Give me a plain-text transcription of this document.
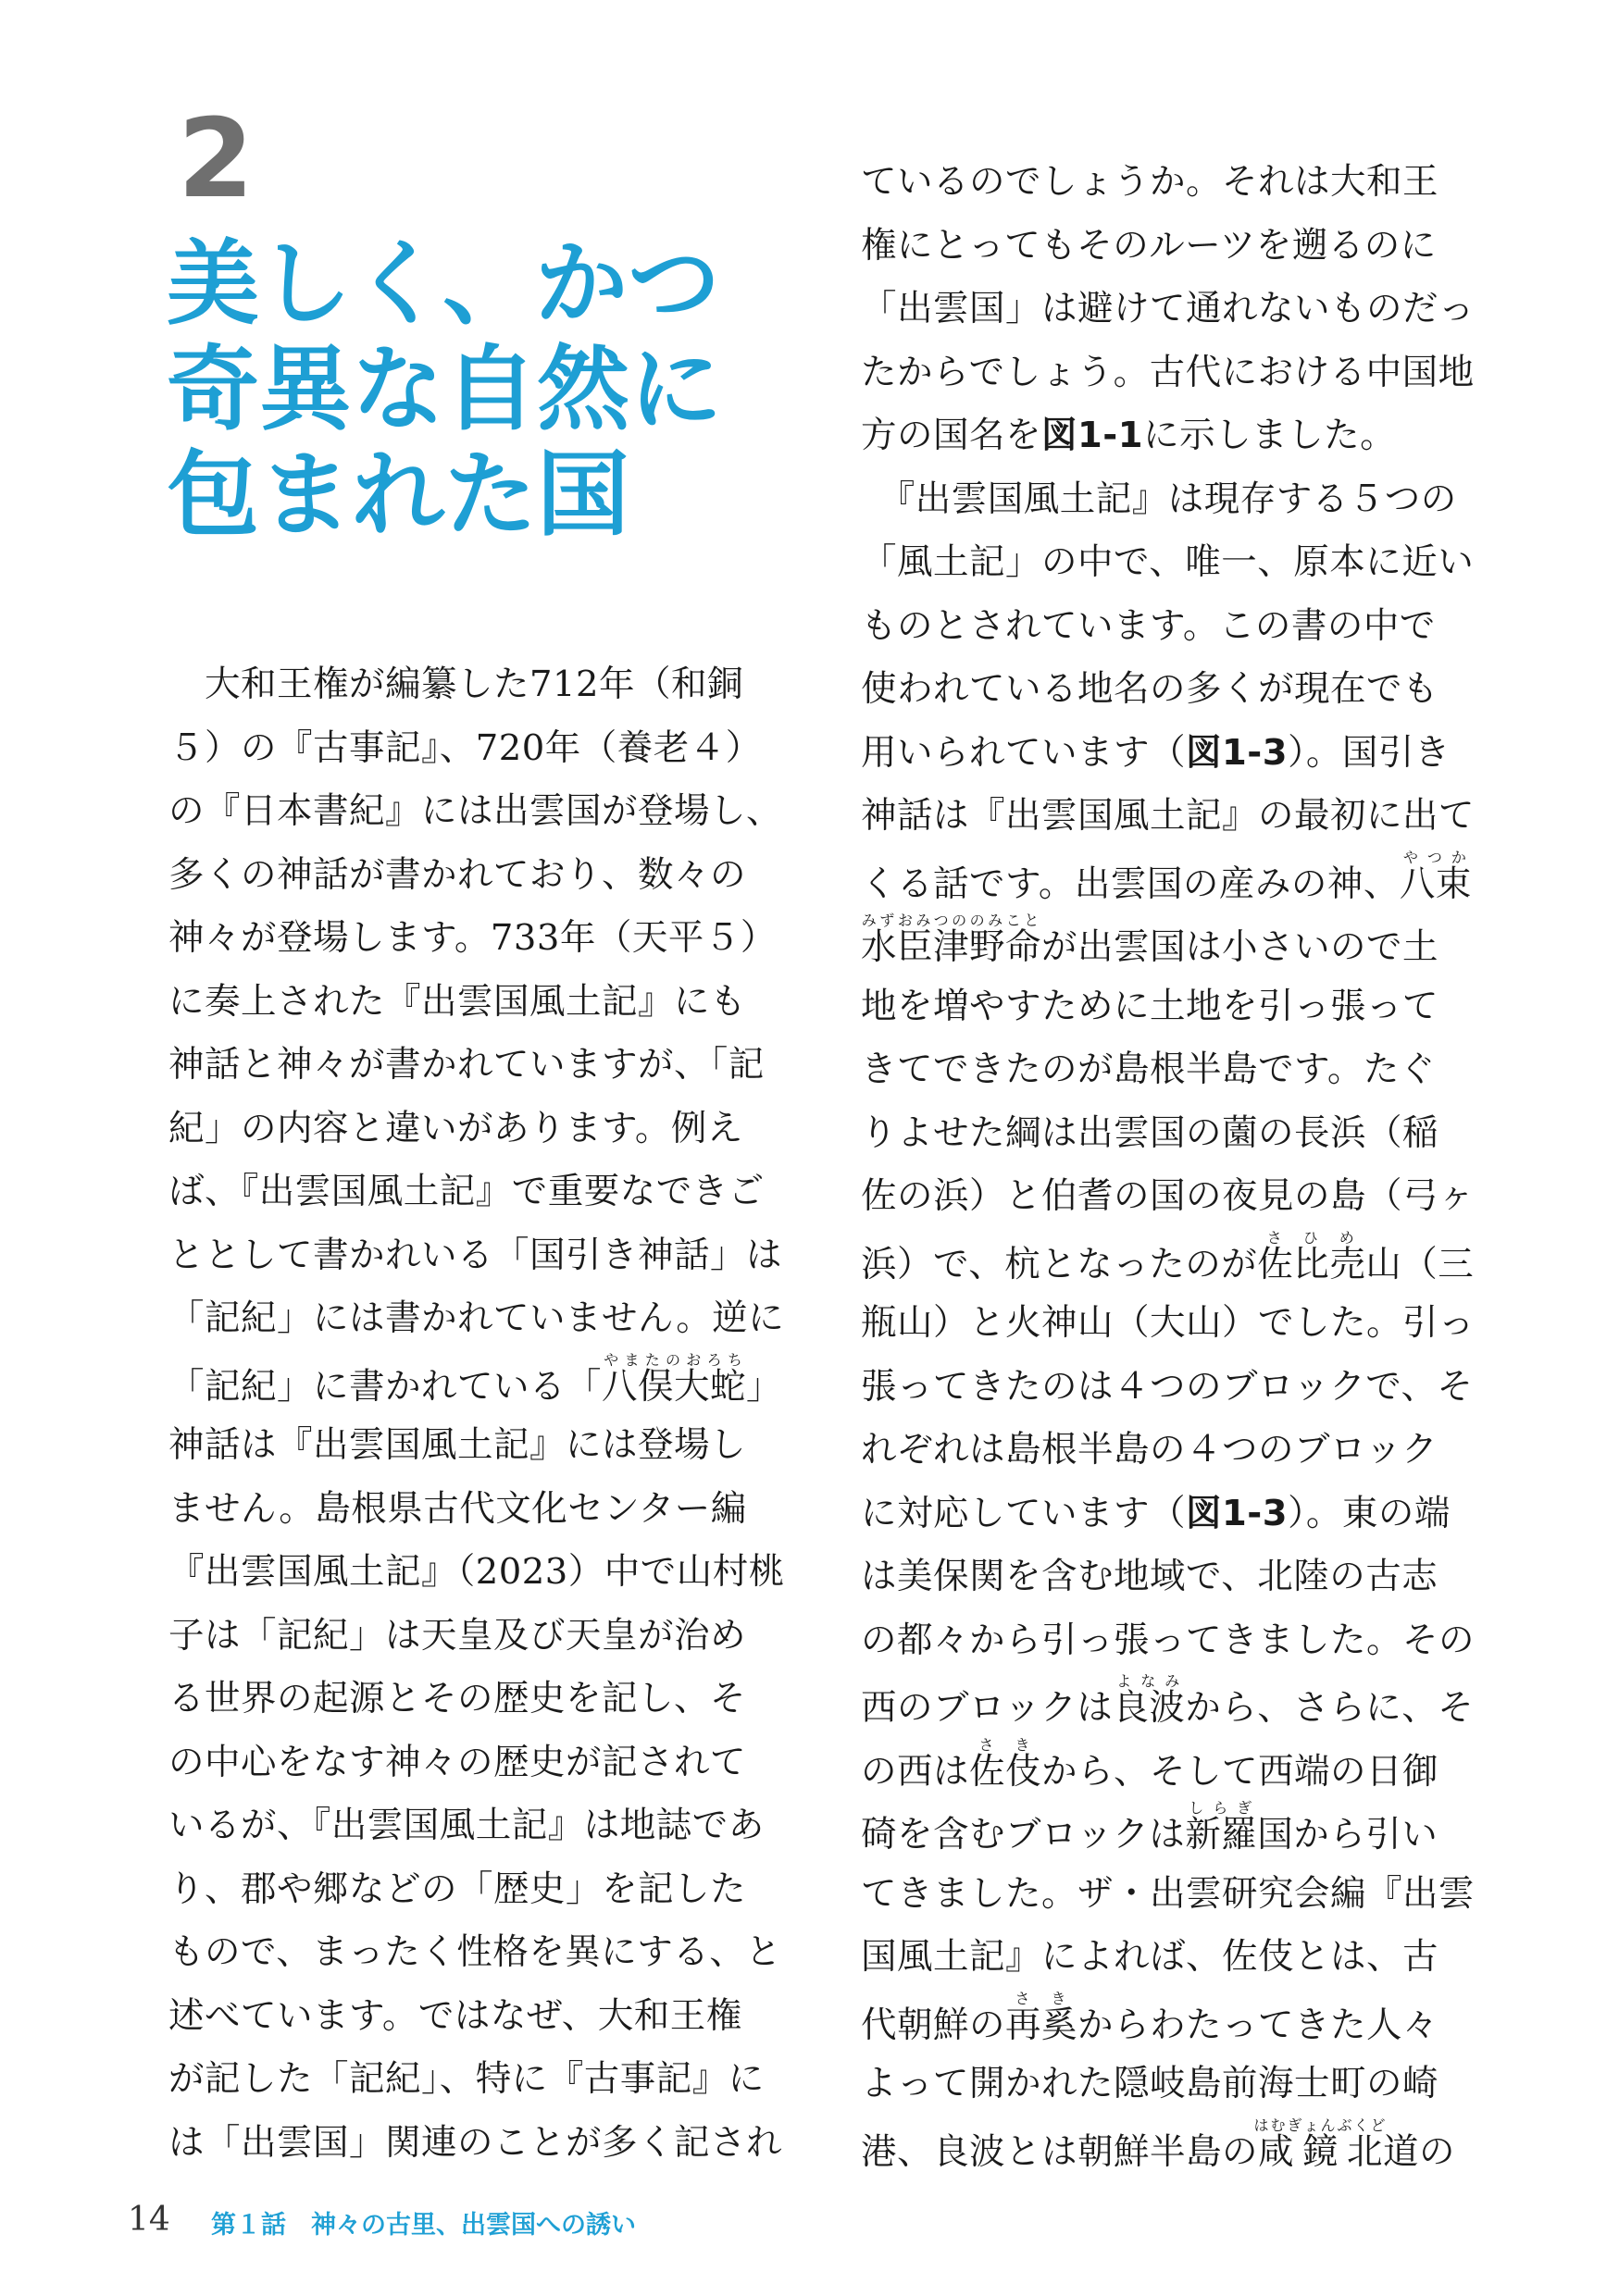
2
美しく、かつ
奇異な自然に
包まれた国
　大和王権が編纂した712年（和銅
５）の『古事記』、720年（養老４）
の『日本書紀』には出雲国が登場し、
多くの神話が書かれており、数々の
神々が登場します。733年（天平５）
に奏上された『出雲国風土記』にも
神話と神々が書かれていますが、「記
紀」の内容と違いがあります。例え
ば、『出雲国風土記』で重要なできご
ととして書かれいる「国引き神話」は
「記紀」には書かれていません。逆に
「記紀」に書かれている「八俣大蛇やまたのおろち」
神話は『出雲国風土記』には登場し
ません。島根県古代文化センター編
『出雲国風土記』（2023）中で山村桃
子は「記紀」は天皇及び天皇が治め
る世界の起源とその歴史を記し、そ
の中心をなす神々の歴史が記されて
いるが、『出雲国風土記』は地誌であ
り、郡や郷などの「歴史」を記した
もので、まったく性格を異にする、と
述べています。ではなぜ、大和王権
が記した「記紀」、特に『古事記』に
は「出雲国」関連のことが多く記され
ているのでしょうか。それは大和王
権にとってもそのルーツを遡るのに
「出雲国」は避けて通れないものだっ
たからでしょう。古代における中国地
方の国名を図1-1に示しました。
　『出雲国風土記』は現存する５つの
「風土記」の中で、唯一、原本に近い
ものとされています。この書の中で
使われている地名の多くが現在でも
用いられています（図1-3）。国引き
神話は『出雲国風土記』の最初に出て
くる話です。出雲国の産みの神、八束やつか
水臣津野命みずおみつののみことが出雲国は小さいので土
地を増やすために土地を引っ張って
きてできたのが島根半島です。たぐ
りよせた綱は出雲国の薗の長浜（稲
佐の浜）と伯耆の国の夜見の島（弓ヶ
浜）で、杭となったのが佐比売さひめ山（三
瓶山）と火神山（大山）でした。引っ
張ってきたのは４つのブロックで、そ
れぞれは島根半島の４つのブロック
に対応しています（図1-3）。東の端
は美保関を含む地域で、北陸の古志
の都々から引っ張ってきました。その
西のブロックは良波よなみから、さらに、そ
の西は佐伎さきから、そして西端の日御
碕を含むブロックは新羅しらぎ国から引い
てきました。ザ・出雲研究会編『出雲
国風土記』によれば、佐伎とは、古
代朝鮮の再奚さきからわたってきた人々
よって開かれた隠岐島前海士町の崎
港、良波とは朝鮮半島の咸鏡北はむぎょんぶくど道の
14 第１話　神々の古里、出雲国への誘い
